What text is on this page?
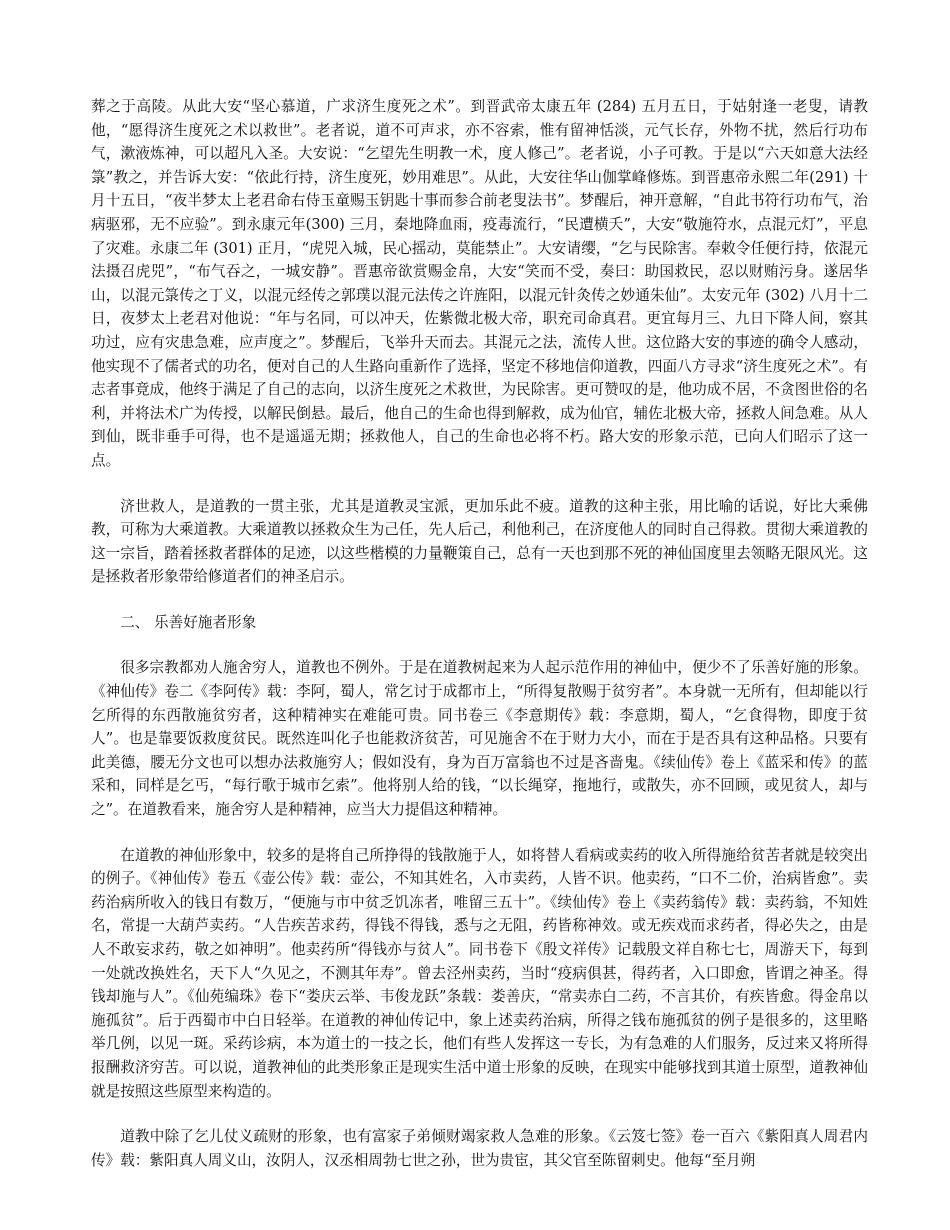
葬之于高陵。从此大安“坚心慕道，广求济生度死之术”。到晋武帝太康五年 (284) 五月五日，于姑射逢一老叟，请教他，“愿得济生度死之术以救世”。老者说，道不可声求，亦不容索，惟有留神恬淡，元气长存，外物不扰，然后行功布气，漱液炼神，可以超凡入圣。大安说：“乞望先生明教一术，度人修己”。老者说，小子可教。于是以“六天如意大法经箓”教之，并告诉大安：“依此行持，济生度死，妙用难思”。从此，大安往华山伽掌峰修炼。到晋惠帝永熙二年(291) 十月十五日，“夜半梦太上老君命右侍玉童赐玉钥匙十事而参合前老叟法书”。梦醒后，神开意解，“自此书符行功布气，治病驱邪，无不应验”。到永康元年(300) 三月，秦地降血雨，疫毒流行，“民遭横夭”，大安“敬施符水，点混元灯”，平息了灾难。永康二年 (301) 正月，“虎兕入城，民心摇动，莫能禁止”。大安请缨，“乞与民除害。奉敕令任便行持，依混元法摄召虎兕”，“布气吞之，一城安静”。晋惠帝欲赏赐金帛，大安“笑而不受，奏曰：助国救民，忍以财贿污身。遂居华山，以混元箓传之丁义，以混元经传之郭璞以混元法传之许旌阳，以混元针灸传之妙通朱仙”。太安元年 (302) 八月十二日，夜梦太上老君对他说：“年与名同，可以冲天，佐紫微北极大帝，职充司命真君。更宜每月三、九日下降人间，察其功过，应有灾患急难，应声度之”。梦醒后，飞举升天而去。其混元之法，流传人世。这位路大安的事迹的确令人感动，他实现不了儒者式的功名，便对自己的人生路向重新作了选择，坚定不移地信仰道教，四面八方寻求“济生度死之术”。有志者事竟成，他终于满足了自己的志向，以济生度死之术救世，为民除害。更可赞叹的是，他功成不居，不贪图世俗的名利，并将法术广为传授，以解民倒悬。最后，他自己的生命也得到解救，成为仙官，辅佐北极大帝，拯救人间急难。从人到仙，既非垂手可得，也不是遥遥无期；拯救他人，自己的生命也必将不朽。路大安的形象示范，已向人们昭示了这一点。

济世救人，是道教的一贯主张，尤其是道教灵宝派，更加乐此不疲。道教的这种主张，用比喻的话说，好比大乘佛教，可称为大乘道教。大乘道教以拯救众生为己任，先人后己，利他利己，在济度他人的同时自己得救。贯彻大乘道教的这一宗旨，踏着拯救者群体的足迹，以这些楷模的力量鞭策自己，总有一天也到那不死的神仙国度里去领略无限风光。这是拯救者形象带给修道者们的神圣启示。

二、 乐善好施者形象

很多宗教都劝人施舍穷人，道教也不例外。于是在道教树起来为人起示范作用的神仙中，便少不了乐善好施的形象。《神仙传》卷二《李阿传》载：李阿，蜀人，常乞讨于成都市上，“所得复散赐于贫穷者”。本身就一无所有，但却能以行乞所得的东西散施贫穷者，这种精神实在难能可贵。同书卷三《李意期传》载：李意期，蜀人，“乞食得物，即度于贫人”。也是靠要饭救度贫民。既然连叫化子也能救济贫苦，可见施舍不在于财力大小，而在于是否具有这种品格。只要有此美德，腰无分文也可以想办法救施穷人；假如没有，身为百万富翁也不过是吝啬鬼。《续仙传》卷上《蓝采和传》的蓝采和，同样是乞丐，“每行歌于城市乞索”。他将别人给的钱，“以长绳穿，拖地行，或散失，亦不回顾，或见贫人，却与之”。在道教看来，施舍穷人是种精神，应当大力提倡这种精神。

在道教的神仙形象中，较多的是将自己所挣得的钱散施于人，如将替人看病或卖药的收入所得施给贫苦者就是较突出的例子。《神仙传》卷五《壶公传》载：壶公，不知其姓名，入市卖药，人皆不识。他卖药，“口不二价，治病皆愈”。卖药治病所收入的钱日有数万，“便施与市中贫乏饥冻者，唯留三五十”。《续仙传》卷上《卖药翁传》载：卖药翁，不知姓名，常提一大葫芦卖药。“人告疾苦求药，得钱不得钱，悉与之无阻，药皆称神效。或无疾戏而求药者，得必失之，由是人不敢妄求药，敬之如神明”。他卖药所“得钱亦与贫人”。同书卷下《殷文祥传》记载殷文祥自称七七，周游天下，每到一处就改换姓名，天下人“久见之，不测其年寿”。曾去泾州卖药，当时“疫病俱甚，得药者，入口即愈，皆谓之神圣。得钱却施与人”。《仙苑编珠》卷下“娄庆云举、韦俊龙跃”条载：娄善庆，“常卖赤白二药，不言其价，有疾皆愈。得金帛以施孤贫”。后于西蜀市中白日轻举。在道教的神仙传记中，象上述卖药治病，所得之钱布施孤贫的例子是很多的，这里略举几例，以见一斑。采药诊病，本为道士的一技之长，他们有些人发挥这一专长，为有急难的人们服务，反过来又将所得报酬救济穷苦。可以说，道教神仙的此类形象正是现实生活中道士形象的反映，在现实中能够找到其道士原型，道教神仙就是按照这些原型来构造的。

道教中除了乞儿仗义疏财的形象，也有富家子弟倾财竭家救人急难的形象。《云笈七签》卷一百六《紫阳真人周君内传》载：紫阳真人周义山，汝阴人，汉丞相周勃七世之孙，世为贵宦，其父官至陈留刺史。他每“至月朔
